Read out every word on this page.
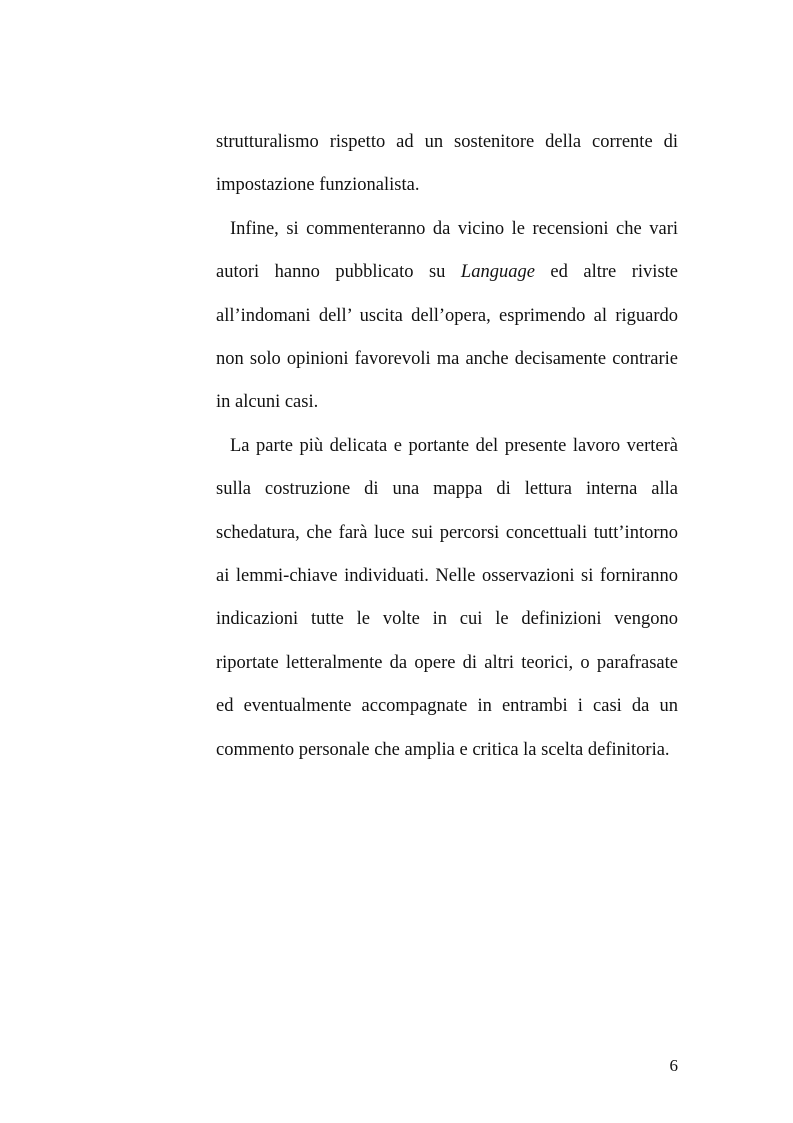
strutturalismo rispetto ad un sostenitore della corrente di impostazione funzionalista.

Infine, si commenteranno da vicino le recensioni che vari autori hanno pubblicato su Language ed altre riviste all’indomani dell’ uscita dell’opera, esprimendo al riguardo non solo opinioni favorevoli ma anche decisamente contrarie in alcuni casi.

La parte più delicata e portante del presente lavoro verterà sulla costruzione di una mappa di lettura interna alla schedatura, che farà luce sui percorsi concettuali tutt’intorno ai lemmi-chiave individuati. Nelle osservazioni si forniranno indicazioni tutte le volte in cui le definizioni vengono riportate letteralmente da opere di altri teorici, o parafrasate ed eventualmente accompagnate in entrambi i casi da un commento personale che amplia e critica la scelta definitoria.

6
